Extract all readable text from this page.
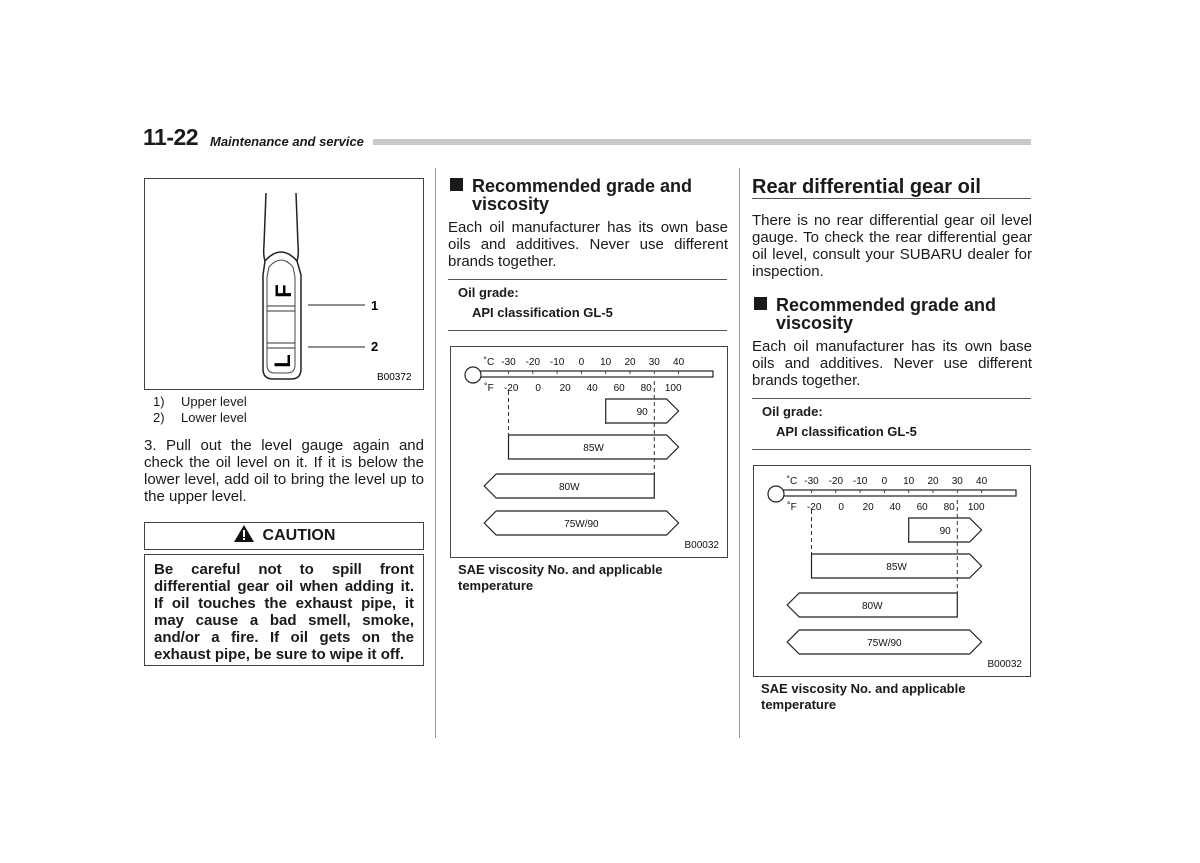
11-22 Maintenance and service
1
2
F
L
B00372
1) Upper level
2) Lower level
3. Pull out the level gauge again and check the oil level on it. If it is below the lower level, add oil to bring the level up to the upper level.
CAUTION
Be careful not to spill front differential gear oil when adding it. If oil touches the exhaust pipe, it may cause a bad smell, smoke, and/or a fire. If oil gets on the exhaust pipe, be sure to wipe it off.
Recommended grade and viscosity
Each oil manufacturer has its own base oils and additives. Never use different brands together.
Oil grade:
API classification GL-5
˚C
˚F
-30 -20 -10 0 10 20 30 40
-20 0 20 40 60 80 100
90
85W
80W
75W/90
B00032
SAE viscosity No. and applicable temperature
Rear differential gear oil
There is no rear differential gear oil level gauge. To check the rear differential gear oil level, consult your SUBARU dealer for inspection.
Recommended grade and viscosity
Each oil manufacturer has its own base oils and additives. Never use different brands together.
Oil grade:
API classification GL-5
˚C
˚F
-30 -20 -10 0 10 20 30 40
-20 0 20 40 60 80 100
90
85W
80W
75W/90
B00032
SAE viscosity No. and applicable temperature
